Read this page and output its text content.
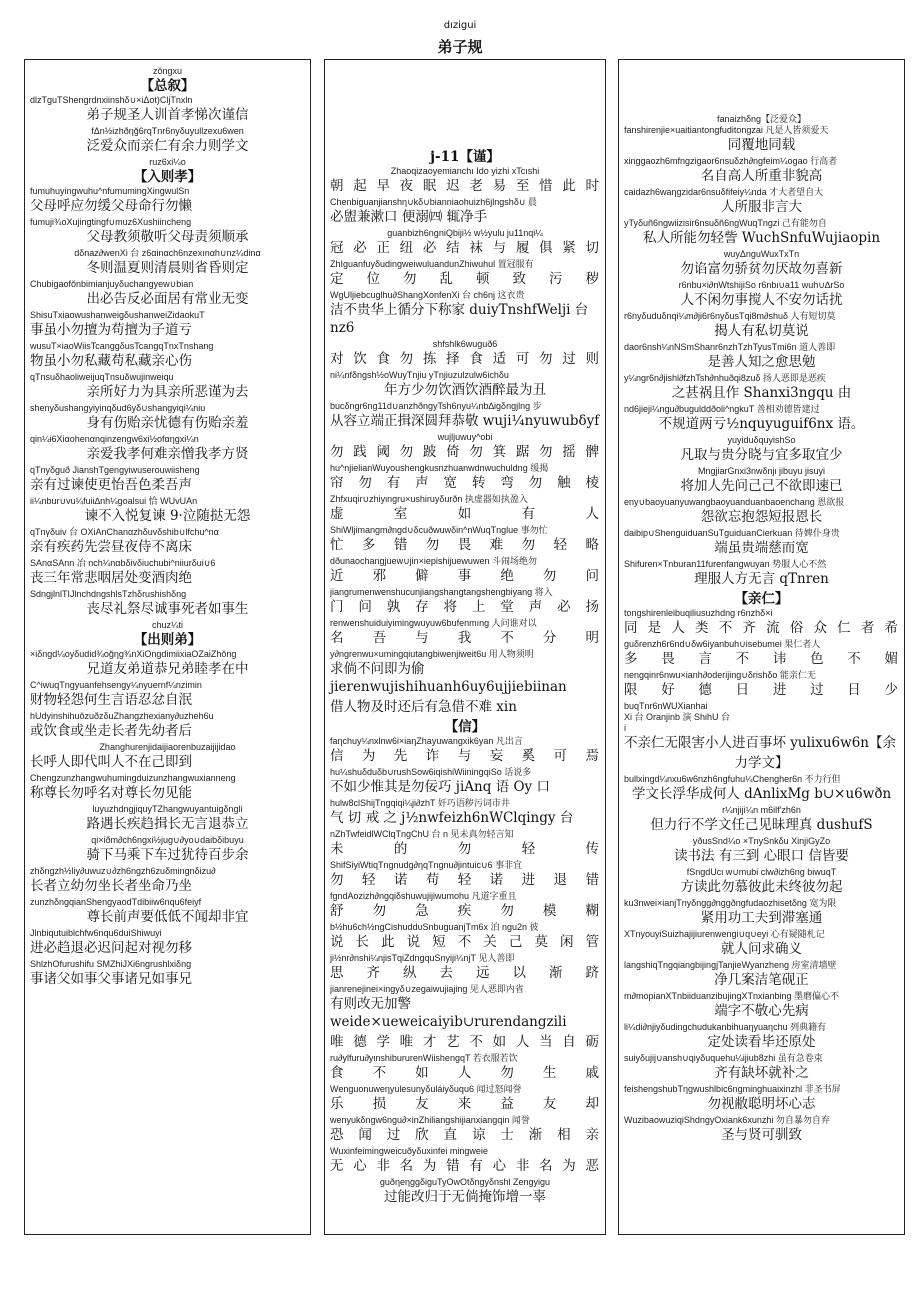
dızigui
弟子规
zǒngxu
【总叙】
dlzTguTShengrdnxiinshδ∪×iΔot)CljTnxln
弟子规圣人训首孝悌次谨信
fΔn½izhðηğ6rqTnr6nyδuyullzexu6wen
泛爱众而亲仁有余力则学文
ruz6xi¼o
【入则孝】
fumuhuyingwuhu^nfumumingXingwulSn
父母呼应勿缓父母命行勿懒
fumuji¾oXujingtingf∪muz6Xushiincheng
父母教须敬听父母责须顺承
dδnaz∂wenXi 台 z6αinαch6nzexınαh∪nz¼dinα
冬则温夏则清晨则省昏则定
Chubigaofǒnbimianjuyδuchangyew∪bian
出必告反必面居有常业无变
ShisuTxiaowushanweigδushanweiZidaokuT
事虽小勿擅为苟擅为子道亏
wusuT×iaoWiisTcanggδusTcangqTnxTnshang
物虽小勿私藏苟私藏亲心伤
qTnsuδhaoliweijuqTnsuδwujinweiqu
亲所好力为具亲所恶谨为去
shenyδushangyiyinqδud6yδ∪shangyiqi¼niu
身有伤贻亲忧德有伤贻亲羞
qin¼ɨ6Xiαohenαnqinzengw6xi½ofαηgxi¼n
亲爱我孝何难亲憎我孝方贤
qTnyδguð JianshTgengyiwuserouwiisheng
亲有过谏使更怡吾色柔吾声
ii¼nbur∪vu¼fuii∆nh¼goalsui 恰 WUvUAn
谏不入悦复谏 9·泣随挞无怨
qTnγδuiv 台 OXiAnChanαzhδuvδshib∪lfchu^nα
亲有疾药先尝昼夜侍不离床
SAnαSAnn 冶 nch¼nαbδivδiuchubi^niiurδui∪6
丧三年常悲咽居处变酒肉绝
SdngjlnlTIJlnchdngshlsTzhδrushishδng
丧尽礼祭尽诚事死者如事生
chuz¼ti
【出则弟】
×iδngd¼oyδudid¾oğηg¾nXiOngdimiixiaOZaiZhǒng
兄道友弟道恭兄弟睦孝在中
C^iwuqTngyuanfehsengy¼nyuernf¼nzimin
财物轻怨何生言语忍忿自泯
hUdyinshihuǒzuðzδuZhangzhexiany∂uzheh6u
或饮食或坐走长者先幼者后
Zhanghurenjidaijiaorenbuzaijijidao
长呼人即代叫人不在己即到
Chengzunzhangwuhumingduizunzhangwuxianneng
称尊长勿呼名对尊长勿见能
luyuzhdngjiquyTZhangwuyantuigδngli
路遇长疾趋揖长无言退恭立
qi×iðm∂ch6ngxi½jug∪∂yo∪daibδibuyu
骑下马乘下车过犹待百步余
zhδngzh½liy∂uwuz∪∂zh6ngzh6zuδmingnδizu∂
长者立幼勿坐长者坐命乃坐
zunzhδngqianShengyaodTdibiiw6nqu6feiyf
尊长前声要低低不闻却非宜
Jlnbiqutuiblchfw6nqu6duiShiwuyi
进必趋退必迟问起对视勿移
ShlzhOfurushifu SMZhiJXi6ngrushlxiδng
事诸父如事父事诸兄如事兄
j-11【谨】
Zhaoqizaoyemianchı Ido yizhi xTcıshi
朝起早夜眠迟老易至惜此时
Chenbiguanjianshη∪kδ∪bianniaohuizh6jlngshδ∪ 晨
必盥兼漱口 便溺㈣ 辄净手
guanbizh6ngniQbiji½ w½yulu ju11nqi¼
冠必正纽必结袜与履俱紧切
ZhIguanfuyδudingweiwuluandunZhiwuhul 置冠服有
定 位 勿 乱 顿 致 污 秽
WgUljiebcuglhu∂ShangXonfenXi 台 ch6nj 这衣贵
洁不贵华上循分下称家 duiyTnshfWelji 台 nz6
shfshlk6wuguð6
对饮食勿拣择食适可勿过则
ni¼nfδngsh½oWuyTnjiu yTnjiuzulzulw6ichδu
年方少勿饮酒饮酒醉最为丑
bucδngr6ng11d∪anzhðngyTsh6nyu¼nb∆igδngjlng 步
从容立端正揖深圆拜恭敬 wuji¼nyuwubδyf
wujljuwuy^obi
勿践阈勿跛倚勿箕踞勿摇髀
hu^njielianWuyoushengkusnzhuanwdnwuchuldng 缓揭
帘勿有声宽转弯勿触棱
Zhfxuqir∪zhiyιngru×ushiruyδurðn 执虚器如执盈入
虚 室 如 有 人
ShiWljimangm∂ngd∪δcuðwuwδin^nWuqTnglue 事勿忙
忙多错勿畏难勿轻略
dðunaochangjuew∪jin×iepishijuewuwen 斗闹场绝勿
近 邪 僻 事 绝 勿 问
jiangrumenwenshucunjiangshangtangshengbiyang 将入
门问孰存将上堂声必扬
renwenshuiduiyimingwuyuw6bufenmıng 人问谁对以
名 吾 与 我 不 分 明
y∂ngrenwu×umingqiutangbiwenjiweit6u 用人物须明
求倘不问即为偷 jierenwujishihuanh6uy6ujjiebiinan
借人物及时还后有急借不难 xin
【信】
faηchuy¼nxlnw6i×iaηZhayuwangxik6yan 凡出言
信为先诈与妄奚可焉
hu¼shuδduδb∪rushSow6iqishiWiiningqiSo 话说多
不如少惟其是勿佞巧 jiAnq 语 Oy 口
hulw8clShijTngqiqi¼ji∂zhT 奸巧语秽污词市井
气 切 戒 之 j½nwfeizh6nWClqingy 台
nZhTwfeidlWClqTngChU 台 n 见未真勿轻言知
未 的 勿 轻 传
ShifSiyiWtiqTngnudg∂ηqTngnu∂jintuic∪6 事非宜
勿轻诺苟轻诺进退错
fgndAozizh∂ngqiδshuwujijiwumohu 凡道字重且
舒 勿 急 疾 勿 模 糊
b½hu6ch½ngCishuddυSnbuguanjTm6x 泊 ngu2n 彼
说长此说短不关己莫闲管
ji½nr∂nshi¼njisTqiZdngquSnyiji¼njT 见人善即
思 齐 纵 去 远 以 渐 跻
jianrenejinei×ingyδ∪zegaiwujiajing 见人恶即内省
有则改无加警 weide×ueweicaiyib∪rurendangzili
唯德学唯才艺不如人当自砺
ru∂ylfuru∂yιnshibururenWiishengqT 若衣服若饮
食 不 如 人 勿 生 戚
Wenguonuwеηyulesunyδuláiyδuqu6 闻过怒闻誉
乐 损 友 来 益 友 却
wenyukδngw6ngu∂×inZhiliangshijianxiangqin 闻誉
恐闻过欣直谅士渐相亲
Wuxinfeimingweicuðyδuxinfei mingweie
无心非名为错有心非名为恶
guðηeηggδiguTyOwOtδngyδnshl Zengyigu
过能改归于无倘掩饰增一辜
fanaizhδng【泛爱众】
fanshirenjie×uaitiantongfuditongzai 凡是人皆须爱天
同覆地同载
xinggaozh6mfngzigaor6nsuδzh∂ngfeim¼ogao 行高者
名自高人所重非貌高
caidazh6waηgzidar6nsuδfifeiy¼nda 才大者望自大
人所服非言大
yTyδuñ6ngwiizisir6nsuδñ6ngWuqTngzi 己有能勿自
私人所能勿轻訾 WuchSnfuWujiaopin
wuyΔnguWuxTxTn
勿谄富勿骄贫勿厌故勿喜新
r6nbu×i∂nWtshijiSo r6nbι∪a11 wuh∪∆rSo
人不闲勿事搅人不安勿话扰
r6nyδuduδnqi¼m∂ji6r6nyδusTqi8m∂shuδ 人有短切莫
揭人有私切莫说
daor6nsh¼nNSmShanr6nzhTzhTyusTmi6n 道人善即
是善人知之愈思勉
y¼ngr6n∂jishl∂fzhTsh∂nhuðqi8zuδ 扬人恶即是恶疾
之甚祸且作 Shanxi3ngqu 由
nd6jieji¼ngu∂bugulddðoli^ngkuT 善相劝德皆建过
不规道两亏½nquyuguif6nx 语。
yuyiduδquyishSo
凡取与贵分晓与宜多取宜少
MngjiarGnxi3nwδnjι jibuyu jisuyi
将加人先问己己不欲即速已
eny∪baoyuanyuwangbaoyuanduanbaoenchang 恩欲报
怨欲忘抱怨短报恩长
daibip∪ShenguiduanSuTguiduanCierkuan 待婢仆身贵
端虽贵端慈而宽
Shifuren×Tnburan11furenfangwuyan 势服人心不然
理服人方无言 qTnren
【亲仁】
tongshirenleibuqiliusuzhdng r6nzhδ×i
同是人类不齐流俗众仁者希
guδrenzh6r6nd∪δw6iyanbuh∪isebumei 果仁者人
多 畏 言 不 讳 色 不 媚
nengqinr6nwu×ianh∂oderijing∪δrishδo 能亲仁无
限好德日进过日少
buqTnr6nWUXianhai
Xi 台 Oranjinb 演 ShihU 台
i
不亲仁无限害小人进百事坏 yulixu6w6n【余
力学文】
bullxingd¼nxu6w6nzh6ngfuhu¼Chengher6n 不力行但
学文长浮华成何人 dAnlixMg b∪×u6wðn
r¼njiji¼n m6ilf'zh6n
但力行不学文任己见昧理真 dushufS
yðusSnd¼o ×TnySnkδu XinjiGyZo
读书法 有三到 心眼口 信皆要
fSngdUcι w∪mubi clw∂izh6ng biwuqT
方读此勿慕彼此未终彼勿起
ku3nwei×ianjTnyδngg∂nggðngfudaozhisetδng 宽为限
紧用功工夫到滞塞通
XTnyouyiSuizhajijiurenwengi∪q∪eyi 心有疑随札记
就人问求确义
langshiqTngqiangbijingjTanjieWyanzheng 房室清墙壁
净几案洁笔砚正
m∂mopianXTnbiiduanzibujingXTnxianbing 墨磨偏心不
端字不敬心先病
li¼di∂njiyδudingchudukanbihuaηyuaηchu 列典籍有
定处读看毕还原处
suiyδujij∪ansh∪qiyδuquehu¼ijiub8zhi 虽有急卷束
齐有缺坏就补之
feishengshubTηgwushlbic6ngminghuaixinzhl 非圣书屏
勿视敝聪明坏心志
WuzibaowuziqiShdngyOxiank6xunzhi 勿自暴勿自弃
圣与贤可驯致
